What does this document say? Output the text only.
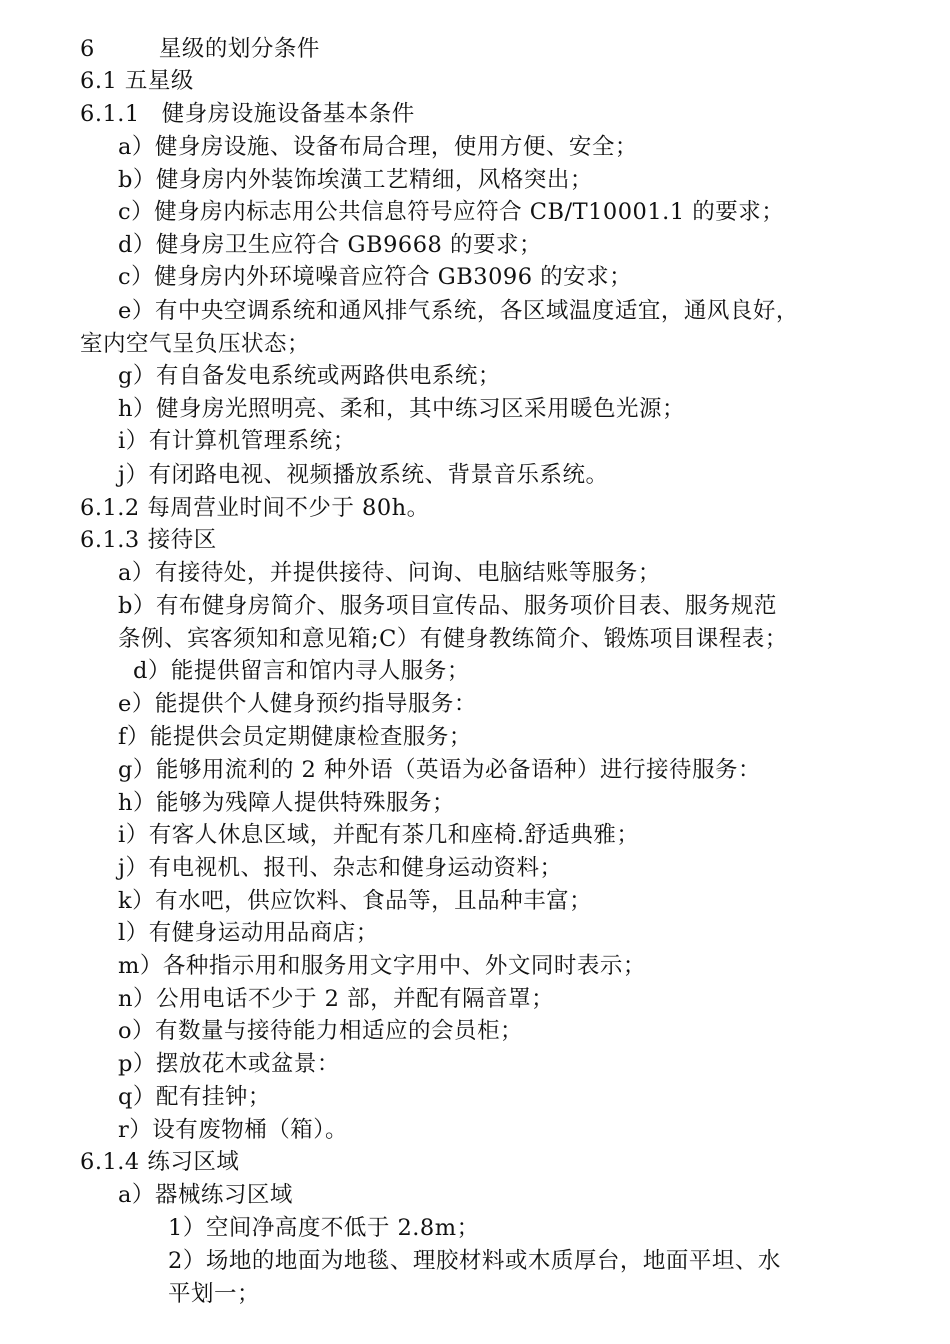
6	星级的划分条件
6.1 五星级
6.1.1 健身房设施设备基本条件
a）健身房设施、设备布局合理，使用方便、安全；
b）健身房内外装饰埃潢工艺精细，风格突出；
c）健身房内标志用公共信息符号应符合 CB/T10001.1 的要求；
d）健身房卫生应符合 GB9668 的要求；
c）健身房内外环境噪音应符合 GB3096 的安求；
e）有中央空调系统和通风排气系统，各区域温度适宜，通风良好，
室内空气呈负压状态；
g）有自备发电系统或两路供电系统；
h）健身房光照明亮、柔和，其中练习区采用暖色光源；
i）有计算机管理系统；
j）有闭路电视、视频播放系统、背景音乐系统。
6.1.2 每周营业时间不少于 80h。
6.1.3 接待区
a）有接待处，并提供接待、问询、电脑结账等服务；
b）有布健身房简介、服务项目宣传品、服务项价目表、服务规范
条例、宾客须知和意见箱;C）有健身教练简介、锻炼项目课程表；
d）能提供留言和馆内寻人服务；
e）能提供个人健身预约指导服务：
f）能提供会员定期健康检查服务；
g）能够用流利的 2 种外语（英语为必备语种）进行接待服务：
h）能够为残障人提供特殊服务；
i）有客人休息区域，并配有茶几和座椅.舒适典雅；
j）有电视机、报刊、杂志和健身运动资料；
k）有水吧，供应饮料、食品等，且品种丰富；
l）有健身运动用品商店；
m）各种指示用和服务用文字用中、外文同时表示；
n）公用电话不少于 2 部，并配有隔音罩；
o）有数量与接待能力相适应的会员柜；
p）摆放花木或盆景：
q）配有挂钟；
r）设有废物桶（箱）。
6.1.4 练习区域
a）器械练习区域
1）空间净高度不低于 2.8m；
2）场地的地面为地毯、理胶材料或木质厚台，地面平坦、水
平划一；
